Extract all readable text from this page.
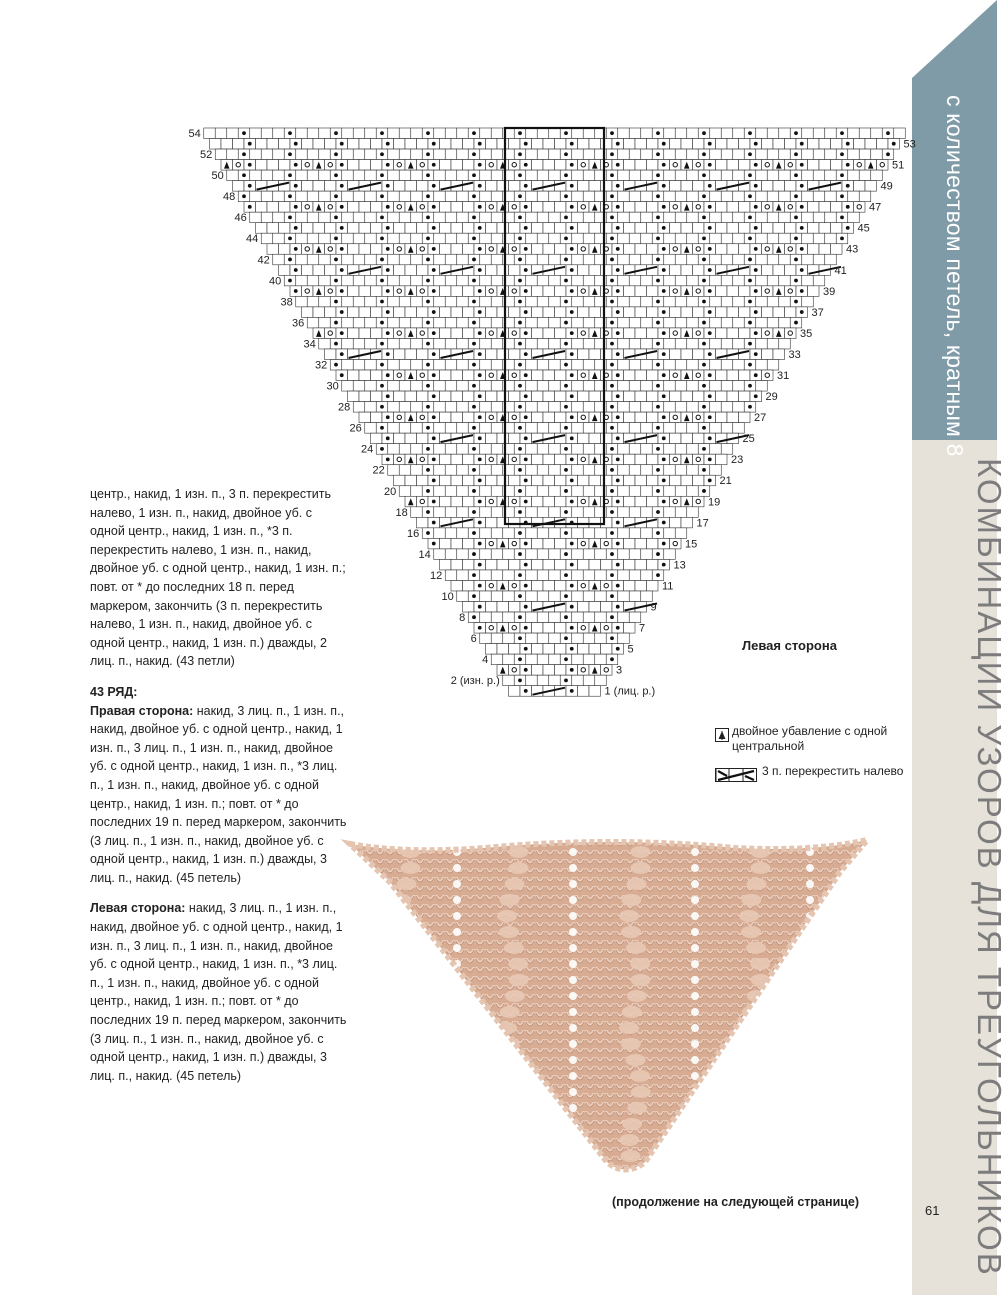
с количеством петель, кратным 8
КОМБИНАЦИИ УЗОРОВ ДЛЯ ТРЕУГОЛЬНИКОВ
61
54
53
52
51
50
49
48
47
46
45
44
43
42
41
40
39
38
37
36
35
34
33
32
31
30
29
28
27
26
25
24
23
22
21
20
19
18
17
16
15
14
13
12
11
10
9
8
7
6
5
4
3
2 (изн. р.)
1 (лиц. р.)

центр., накид, 1 изн. п., 3 п. перекрестить налево, 1 изн. п., накид, двойное уб. с одной центр., накид, 1 изн. п., *3 п. перекрестить налево, 1 изн. п., накид, двойное уб. с одной центр., накид, 1 изн. п.; повт. от * до последних 18 п. перед маркером, закончить (3 п. перекрестить налево, 1 изн. п., накид, двойное уб. с одной центр., накид, 1 изн. п.) дважды, 2 лиц. п., накид. (43 петли)

43 РЯД:

Правая сторона: накид, 3 лиц. п., 1 изн. п., накид, двойное уб. с одной центр., накид, 1 изн. п., 3 лиц. п., 1 изн. п., накид, двойное уб. с одной центр., накид, 1 изн. п., *3 лиц. п., 1 изн. п., накид, двойное уб. с одной центр., накид, 1 изн. п.; повт. от * до последних 19 п. перед маркером, закончить (3 лиц. п., 1 изн. п., накид, двойное уб. с одной центр., накид, 1 изн. п.) дважды, 3 лиц. п., накид. (45 петель)

Левая сторона: накид, 3 лиц. п., 1 изн. п., накид, двойное уб. с одной центр., накид, 1 изн. п., 3 лиц. п., 1 изн. п., накид, двойное уб. с одной центр., накид, 1 изн. п., *3 лиц. п., 1 изн. п., накид, двойное уб. с одной центр., накид, 1 изн. п.; повт. от * до последних 19 п. перед маркером, закончить (3 лиц. п., 1 изн. п., накид, двойное уб. с одной центр., накид, 1 изн. п.) дважды, 3 лиц. п., накид. (45 петель)

Левая сторона
двойное убавление с одной центральной
3 п. перекрестить налево
(продолжение на следующей странице)
